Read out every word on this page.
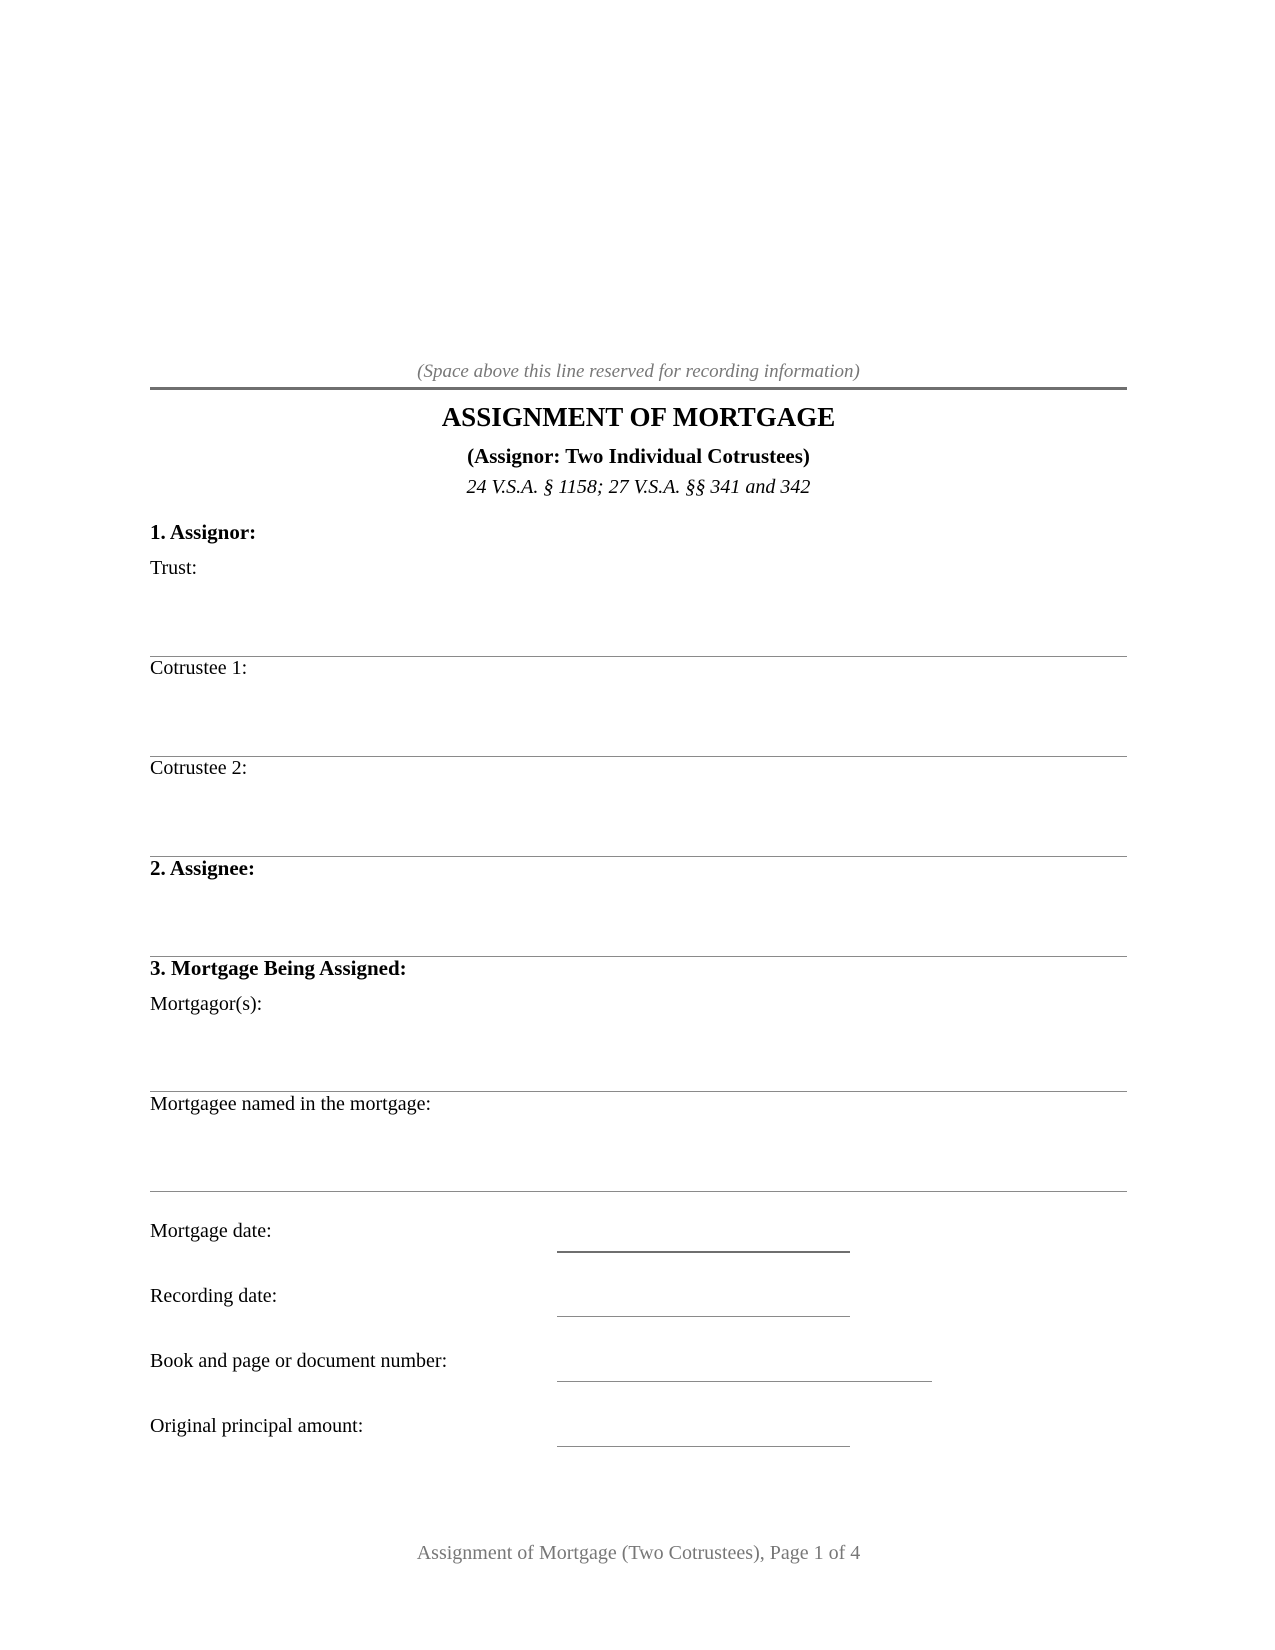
(Space above this line reserved for recording information)
ASSIGNMENT OF MORTGAGE
(Assignor: Two Individual Cotrustees)
24 V.S.A. § 1158; 27 V.S.A. §§ 341 and 342
1. Assignor:
Trust:
Cotrustee 1:
Cotrustee 2:
2. Assignee:
3. Mortgage Being Assigned:
Mortgagor(s):
Mortgagee named in the mortgage:
Mortgage date:
Recording date:
Book and page or document number:
Original principal amount:
Assignment of Mortgage (Two Cotrustees), Page 1 of 4
